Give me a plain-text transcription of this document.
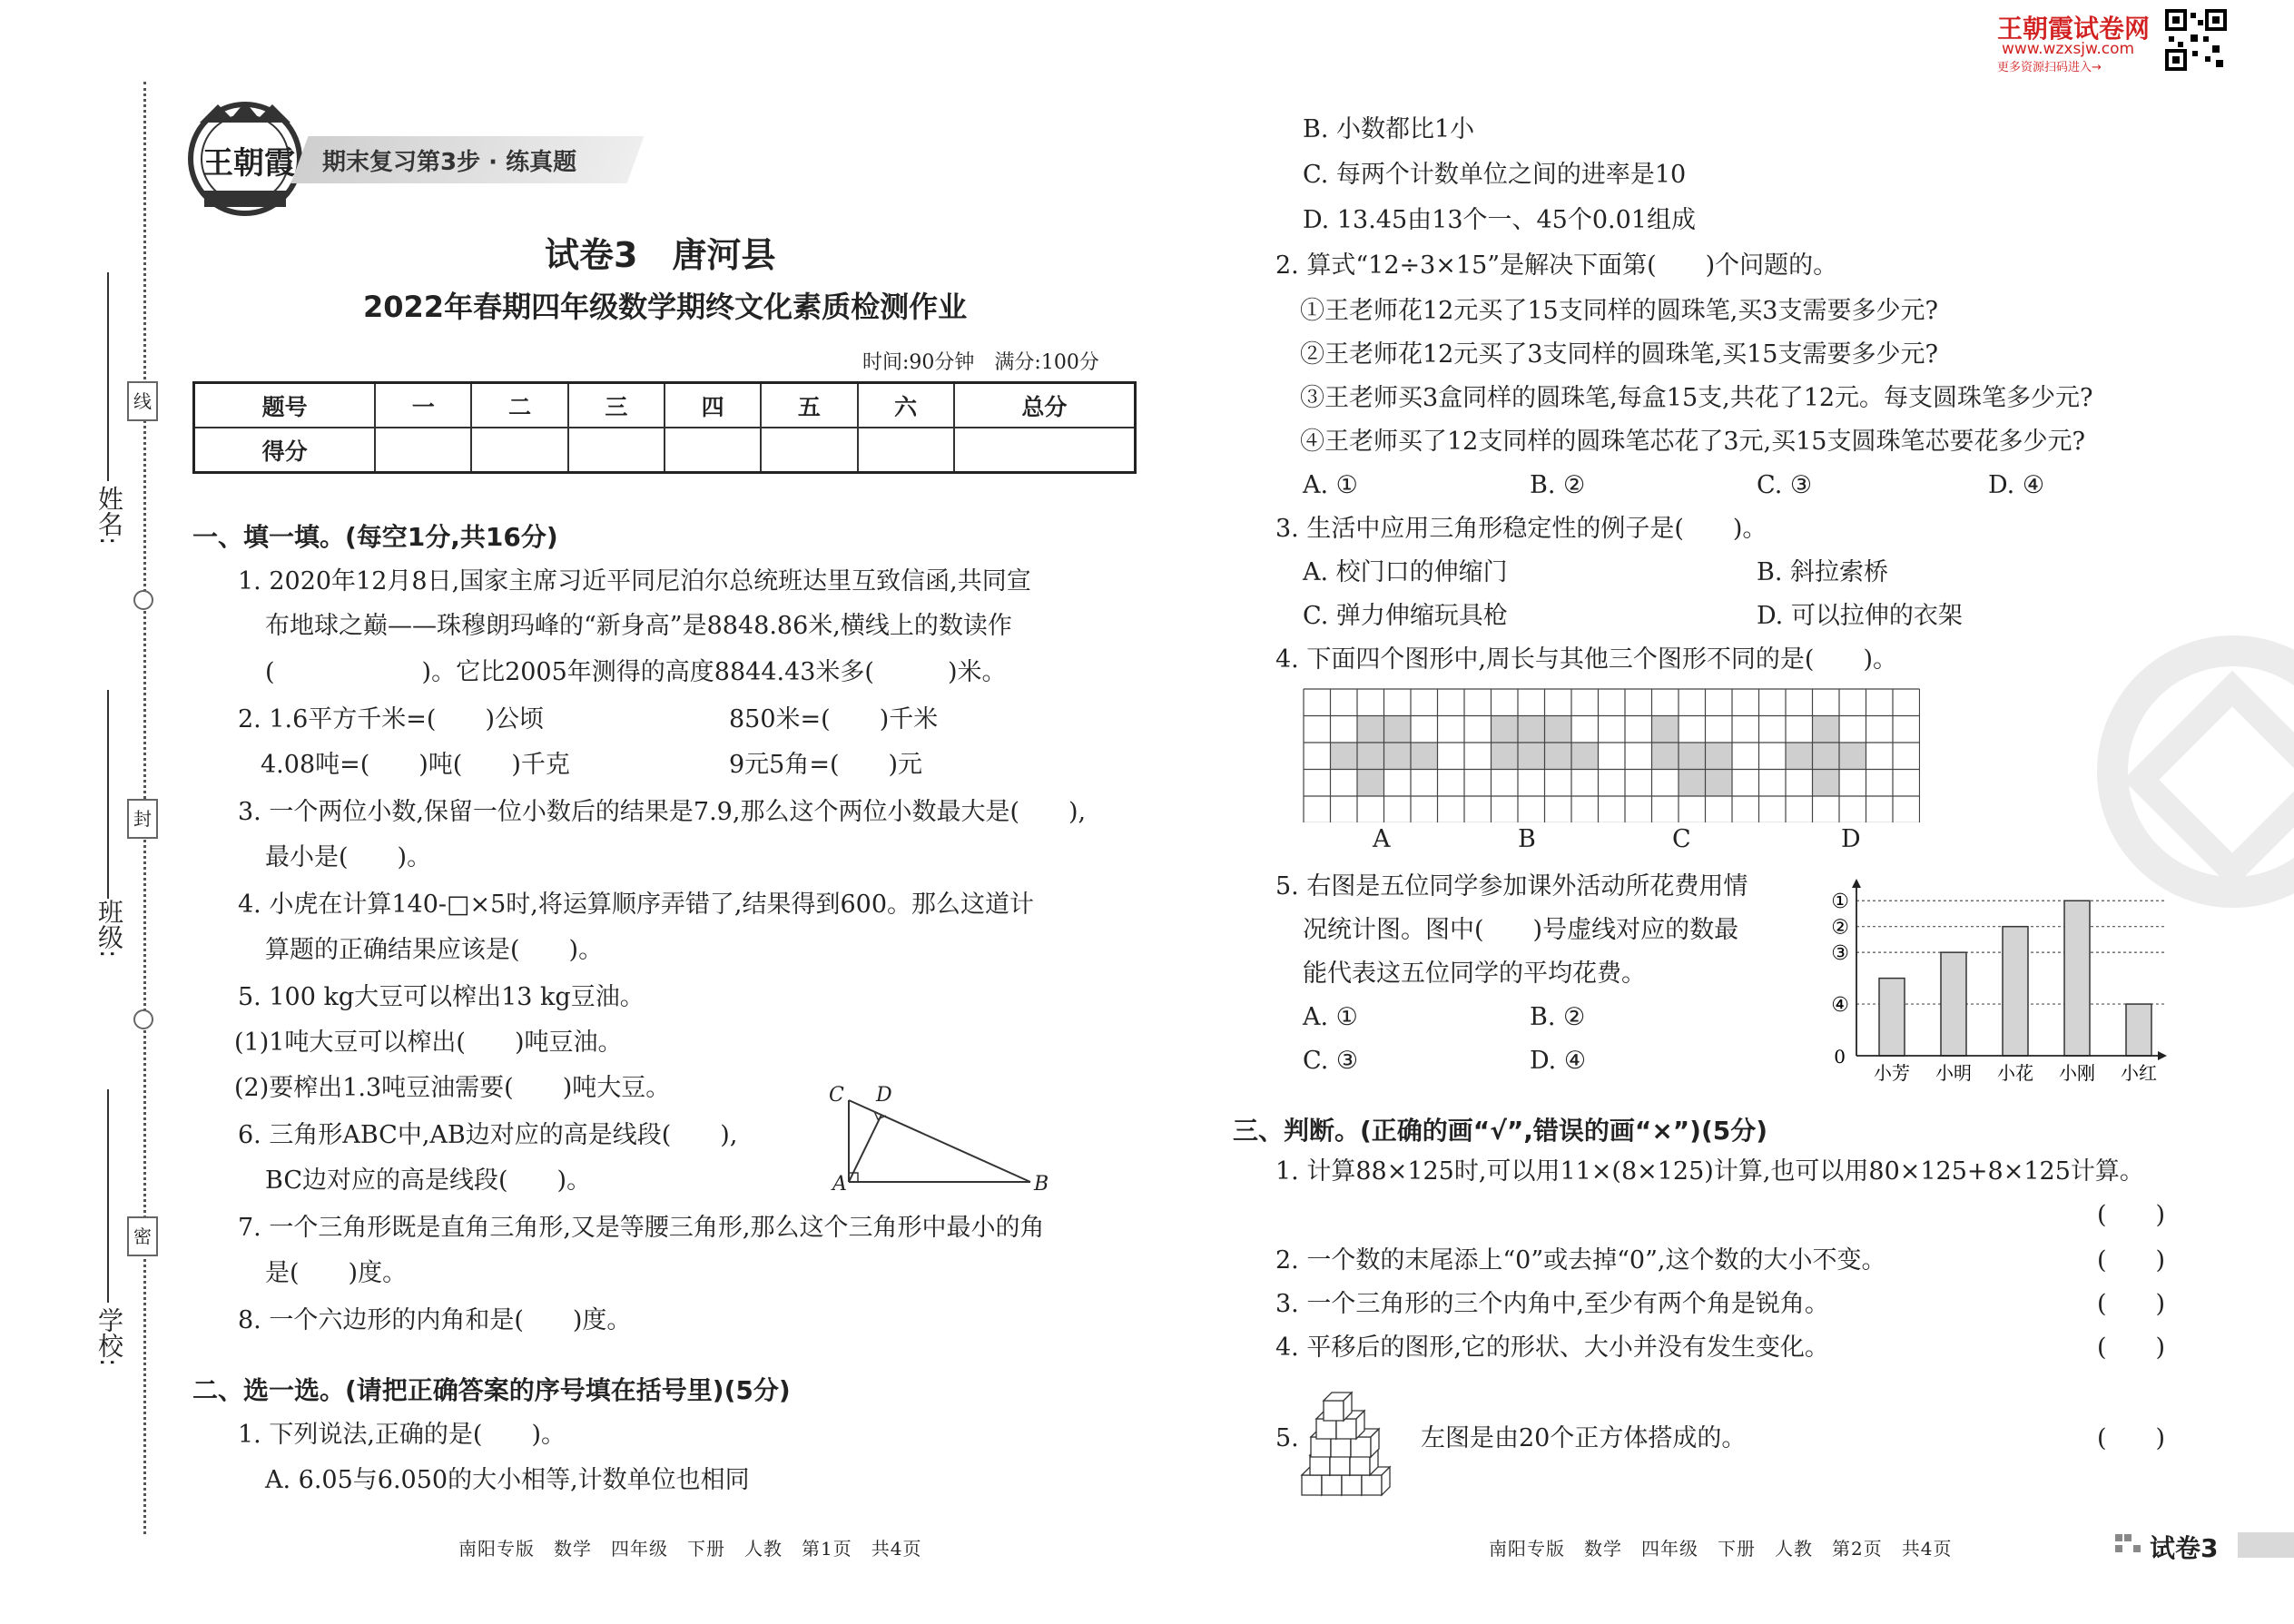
线
封
密
姓名:
班级:
学校:
王朝霞 期末复习第3步 · 练真题
王朝霞试卷网
www.wzxsjw.com
更多资源扫码进入→
试卷3　唐河县
2022年春期四年级数学期终文化素质检测作业
时间:90分钟　满分:100分
题号	一	二	三	四	五	六	总分
得分							
一、填一填。(每空1分,共16分)
1. 2020年12月8日,国家主席习近平同尼泊尔总统班达里互致信函,共同宣
布地球之巅——珠穆朗玛峰的“新身高”是8848.86米,横线上的数读作
(　　　　　　)。它比2005年测得的高度8844.43米多(　　　)米。
2. 1.6平方千米=(　　)公顷	850米=(　　)千米
4.08吨=(　　)吨(　　)千克	9元5角=(　　)元
3. 一个两位小数,保留一位小数后的结果是7.9,那么这个两位小数最大是(　　),
最小是(　　)。
4. 小虎在计算140-□×5时,将运算顺序弄错了,结果得到600。那么这道计
算题的正确结果应该是(　　)。
5. 100 kg大豆可以榨出13 kg豆油。
(1)1吨大豆可以榨出(　　)吨豆油。
(2)要榨出1.3吨豆油需要(　　)吨大豆。
6. 三角形ABC中,AB边对应的高是线段(　　),
BC边对应的高是线段(　　)。
7. 一个三角形既是直角三角形,又是等腰三角形,那么这个三角形中最小的角
是(　　)度。
8. 一个六边形的内角和是(　　)度。
C D
A	B
二、选一选。(请把正确答案的序号填在括号里)(5分)
1. 下列说法,正确的是(　　)。
A. 6.05与6.050的大小相等,计数单位也相同
南阳专版　数学　四年级　下册　人教　第1页　共4页
B. 小数都比1小
C. 每两个计数单位之间的进率是10
D. 13.45由13个一、45个0.01组成
2. 算式“12÷3×15”是解决下面第(　　)个问题的。
①王老师花12元买了15支同样的圆珠笔,买3支需要多少元?
②王老师花12元买了3支同样的圆珠笔,买15支需要多少元?
③王老师买3盒同样的圆珠笔,每盒15支,共花了12元。每支圆珠笔多少元?
④王老师买了12支同样的圆珠笔芯花了3元,买15支圆珠笔芯要花多少元?
A. ①	B. ②	C. ③	D. ④
3. 生活中应用三角形稳定性的例子是(　　)。
A. 校门口的伸缩门	B. 斜拉索桥
C. 弹力伸缩玩具枪	D. 可以拉伸的衣架
4. 下面四个图形中,周长与其他三个图形不同的是(　　)。
A	B	C	D
5. 右图是五位同学参加课外活动所花费用情
况统计图。图中(　　)号虚线对应的数最
能代表这五位同学的平均花费。
A. ①	B. ②
C. ③	D. ④
①
②
③
④
小芳 小明 小花 小刚 小红
0
三、判断。(正确的画“√”,错误的画“×”)(5分)
1. 计算88×125时,可以用11×(8×125)计算,也可以用80×125+8×125计算。
(　　)
2. 一个数的末尾添上“0”或去掉“0”,这个数的大小不变。	(　　)
3. 一个三角形的三个内角中,至少有两个角是锐角。	(　　)
4. 平移后的图形,它的形状、大小并没有发生变化。	(　　)
5.	左图是由20个正方体搭成的。	(　　)
南阳专版　数学　四年级　下册　人教　第2页　共4页	试卷3
